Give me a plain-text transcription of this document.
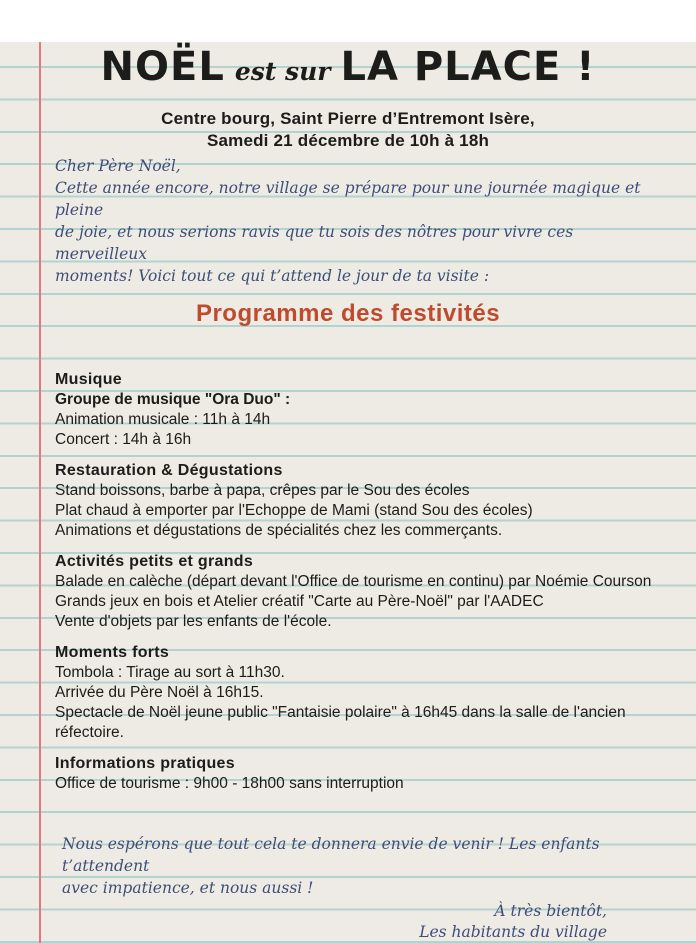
NOËL est sur LA PLACE !
Centre bourg, Saint Pierre d’Entremont Isère,
Samedi 21 décembre de 10h à 18h
Cher Père Noël,
Cette année encore, notre village se prépare pour une journée magique et pleine
de joie, et nous serions ravis que tu sois des nôtres pour vivre ces merveilleux
moments! Voici tout ce qui t’attend le jour de ta visite :
Programme des festivités
Musique

Groupe de musique "Ora Duo" :

Animation musicale : 11h à 14h

Concert : 14h à 16h

Restauration & Dégustations

Stand boissons, barbe à papa, crêpes par le Sou des écoles

Plat chaud à emporter par l'Echoppe de Mami (stand Sou des écoles)

Animations et dégustations de spécialités chez les commerçants.

Activités petits et grands

Balade en calèche (départ devant l'Office de tourisme en continu) par Noémie Courson

Grands jeux en bois et Atelier créatif "Carte au Père-Noël" par l'AADEC

Vente d'objets par les enfants de l'école.

Moments forts

Tombola : Tirage au sort à 11h30.

Arrivée du Père Noël à 16h15.

Spectacle de Noël jeune public "Fantaisie polaire" à 16h45 dans la salle de l'ancien réfectoire.

Informations pratiques

Office de tourisme : 9h00 - 18h00 sans interruption

Nous espérons que tout cela te donnera envie de venir ! Les enfants t’attendent
avec impatience, et nous aussi !
À très bientôt,
Les habitants du village
